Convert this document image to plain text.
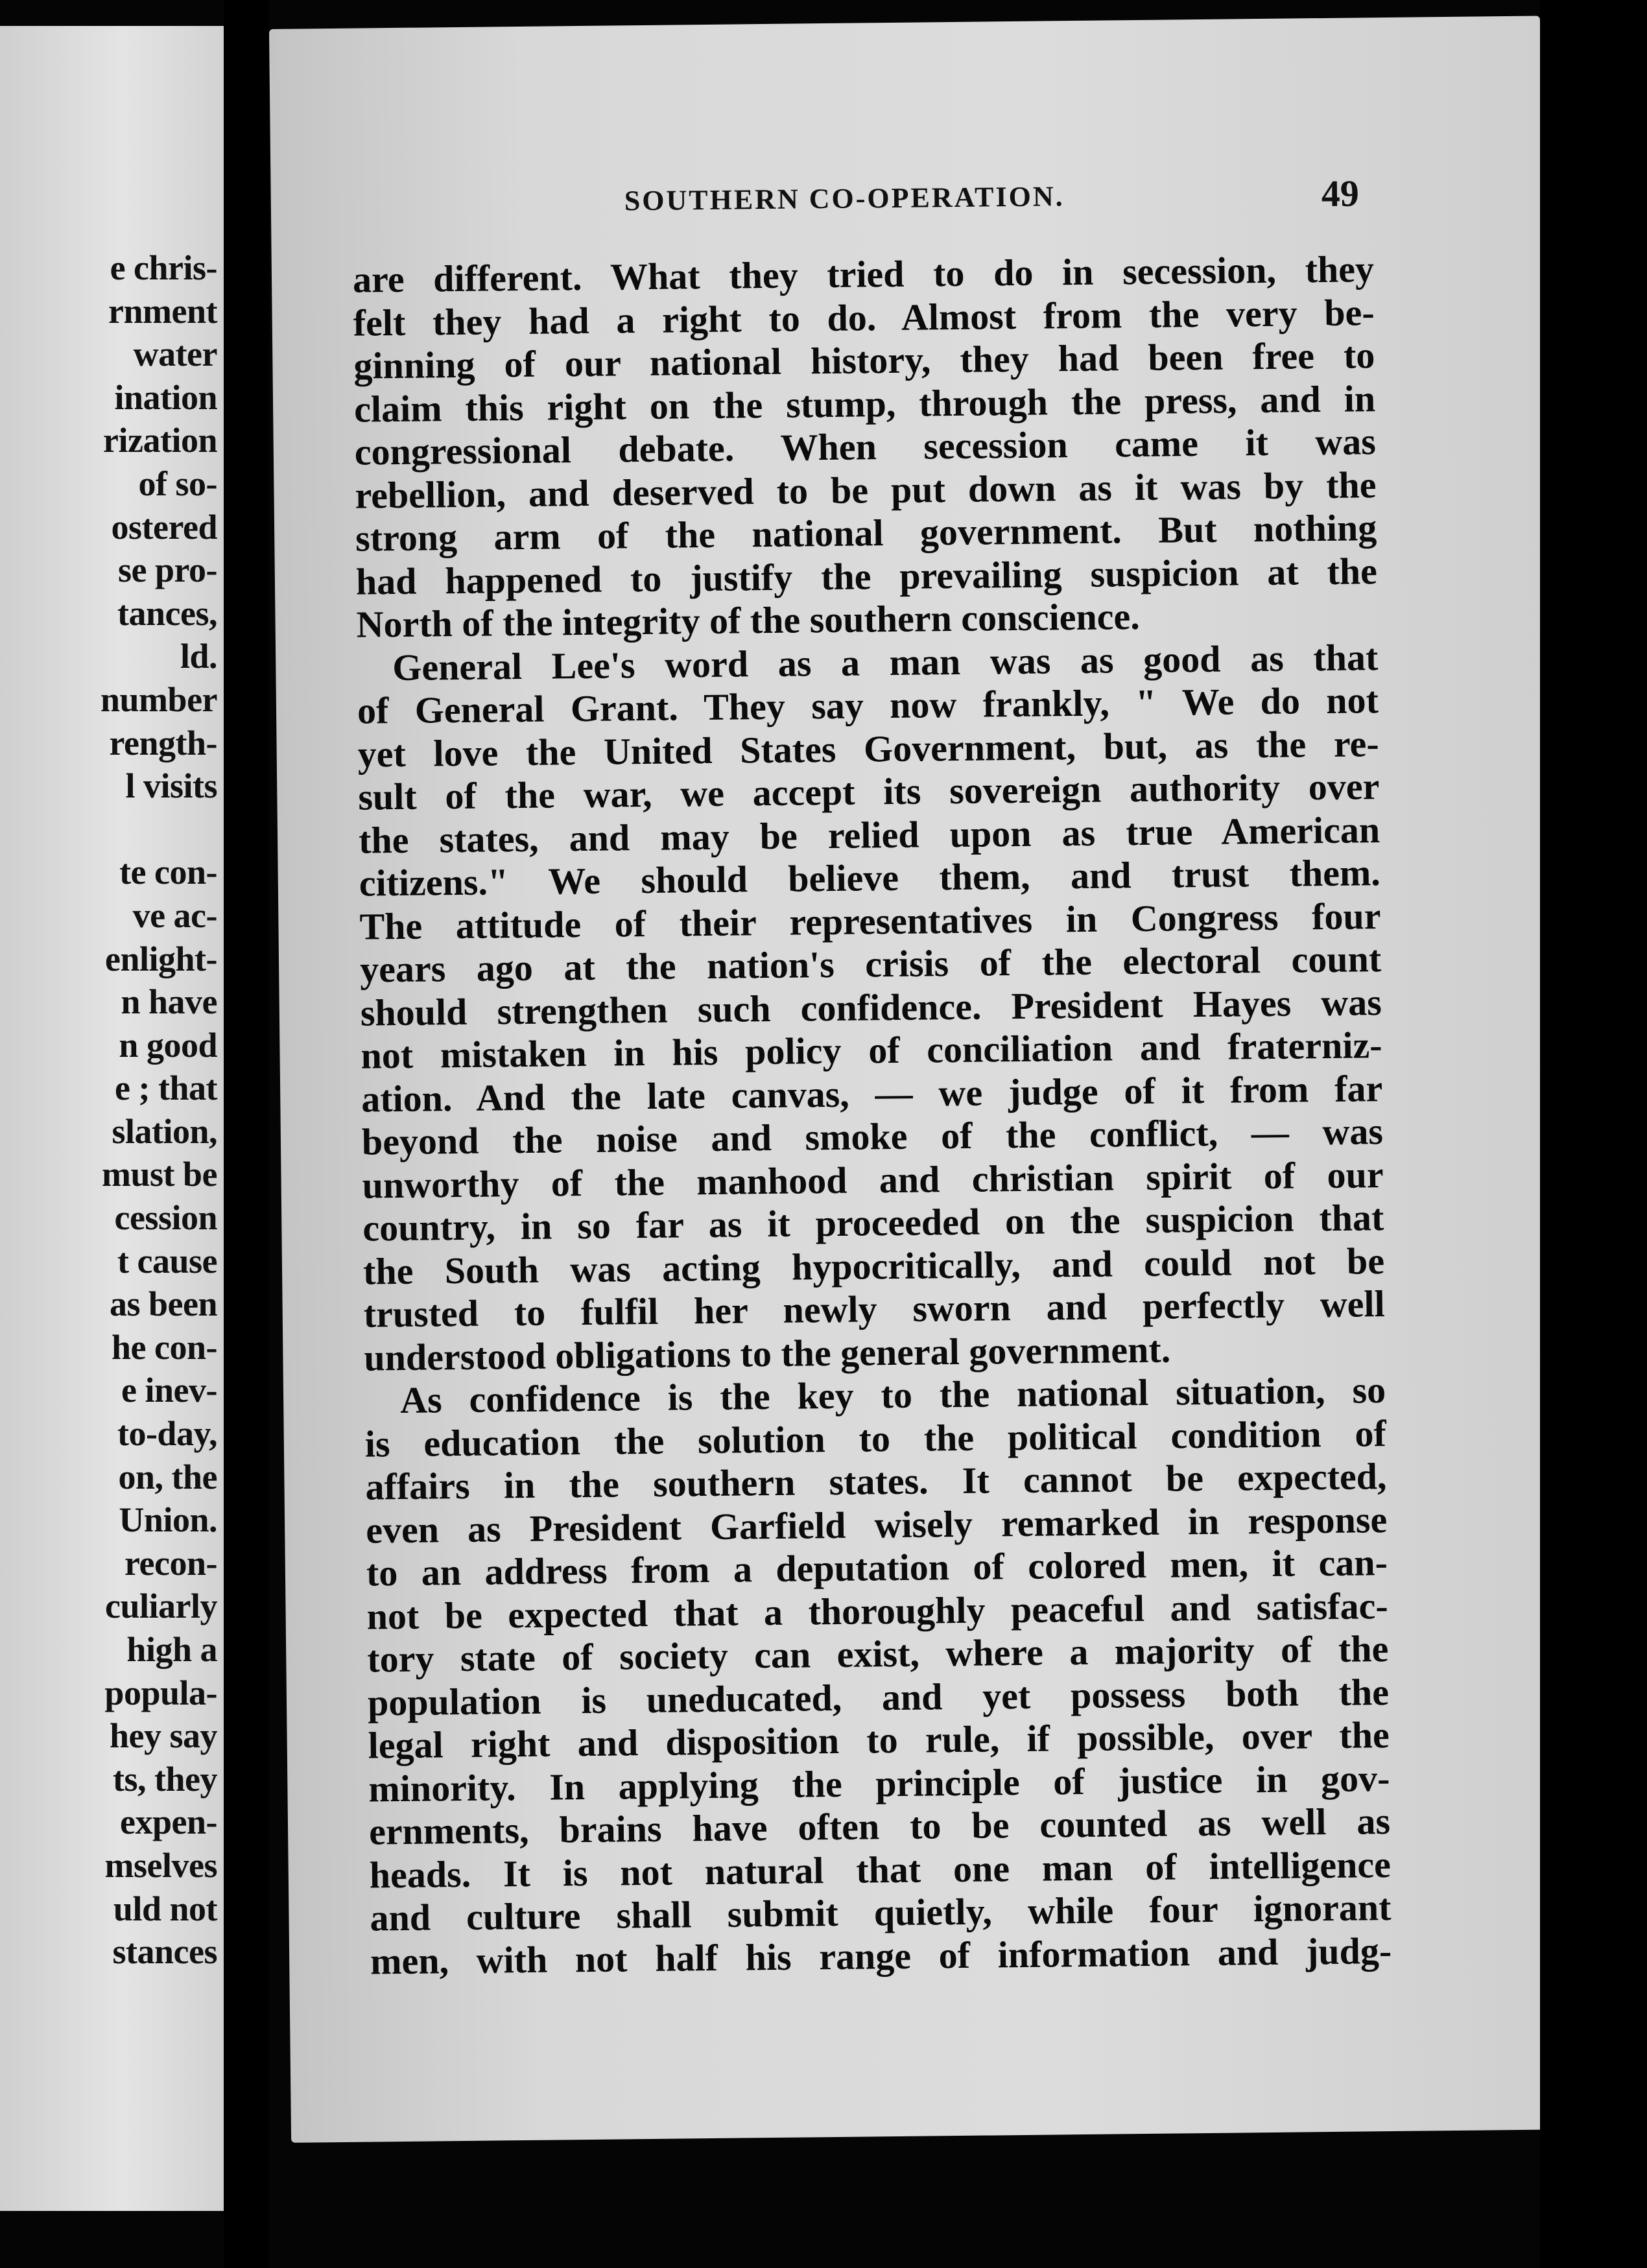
e chris-
rnment
water
ination
rization
of so-
ostered
se pro-
tances,
ld.
number
rength-
l visits

te con-
ve ac-
enlight-
n have
n good
e ; that
slation,
must be
cession
t cause
as been
he con-
e inev-
to-day,
on, the
Union.
recon-
culiarly
high a
popula-
hey say
ts, they
expen-
mselves
uld not
stances
SOUTHERN CO-OPERATION.	49
are different. What they tried to do in secession, they
felt they had a right to do. Almost from the very be-
ginning of our national history, they had been free to
claim this right on the stump, through the press, and in
congressional debate. When secession came it was
rebellion, and deserved to be put down as it was by the
strong arm of the national government. But nothing
had happened to justify the prevailing suspicion at the
North of the integrity of the southern conscience.
General Lee's word as a man was as good as that
of General Grant. They say now frankly, " We do not
yet love the United States Government, but, as the re-
sult of the war, we accept its sovereign authority over
the states, and may be relied upon as true American
citizens." We should believe them, and trust them.
The attitude of their representatives in Congress four
years ago at the nation's crisis of the electoral count
should strengthen such confidence. President Hayes was
not mistaken in his policy of conciliation and fraterniz-
ation. And the late canvas, — we judge of it from far
beyond the noise and smoke of the conflict, — was
unworthy of the manhood and christian spirit of our
country, in so far as it proceeded on the suspicion that
the South was acting hypocritically, and could not be
trusted to fulfil her newly sworn and perfectly well
understood obligations to the general government.
As confidence is the key to the national situation, so
is education the solution to the political condition of
affairs in the southern states. It cannot be expected,
even as President Garfield wisely remarked in response
to an address from a deputation of colored men, it can-
not be expected that a thoroughly peaceful and satisfac-
tory state of society can exist, where a majority of the
population is uneducated, and yet possess both the
legal right and disposition to rule, if possible, over the
minority. In applying the principle of justice in gov-
ernments, brains have often to be counted as well as
heads. It is not natural that one man of intelligence
and culture shall submit quietly, while four ignorant
men, with not half his range of information and judg-
